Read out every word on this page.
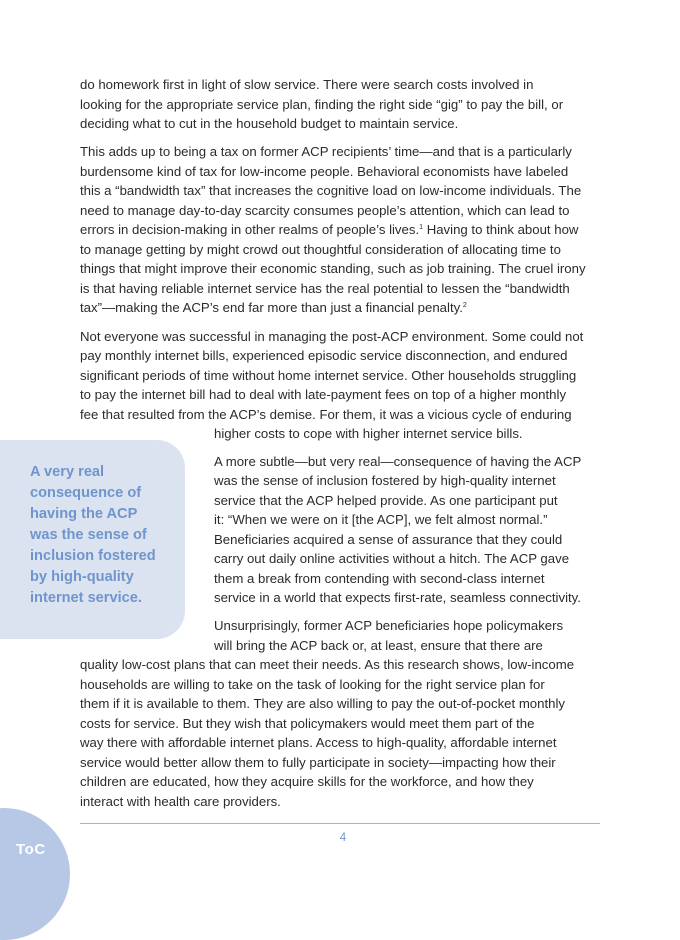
do homework first in light of slow service. There were search costs involved in
looking for the appropriate service plan, finding the right side “gig” to pay the bill, or
deciding what to cut in the household budget to maintain service.
This adds up to being a tax on former ACP recipients’ time—and that is a particularly
burdensome kind of tax for low-income people. Behavioral economists have labeled
this a “bandwidth tax” that increases the cognitive load on low-income individuals. The
need to manage day-to-day scarcity consumes people’s attention, which can lead to
errors in decision-making in other realms of people’s lives.$^1$ Having to think about how
to manage getting by might crowd out thoughtful consideration of allocating time to
things that might improve their economic standing, such as job training. The cruel irony
is that having reliable internet service has the real potential to lessen the “bandwidth
tax”—making the ACP’s end far more than just a financial penalty.$^2$
Not everyone was successful in managing the post-ACP environment. Some could not
pay monthly internet bills, experienced episodic service disconnection, and endured
significant periods of time without home internet service. Other households struggling
to pay the internet bill had to deal with late-payment fees on top of a higher monthly
fee that resulted from the ACP’s demise. For them, it was a vicious cycle of enduring
higher costs to cope with higher internet service bills.
A very real
consequence of
having the ACP
was the sense of
inclusion fostered
by high-quality
internet service.
A more subtle—but very real—consequence of having the ACP
was the sense of inclusion fostered by high-quality internet
service that the ACP helped provide. As one participant put
it: “When we were on it [the ACP], we felt almost normal.”
Beneficiaries acquired a sense of assurance that they could
carry out daily online activities without a hitch. The ACP gave
them a break from contending with second-class internet
service in a world that expects first-rate, seamless connectivity.
Unsurprisingly, former ACP beneficiaries hope policymakers
will bring the ACP back or, at least, ensure that there are
quality low-cost plans that can meet their needs. As this research shows, low-income
households are willing to take on the task of looking for the right service plan for
them if it is available to them. They are also willing to pay the out-of-pocket monthly
costs for service. But they wish that policymakers would meet them part of the
way there with affordable internet plans. Access to high-quality, affordable internet
service would better allow them to fully participate in society—impacting how their
children are educated, how they acquire skills for the workforce, and how they
interact with health care providers.
4
ToC
